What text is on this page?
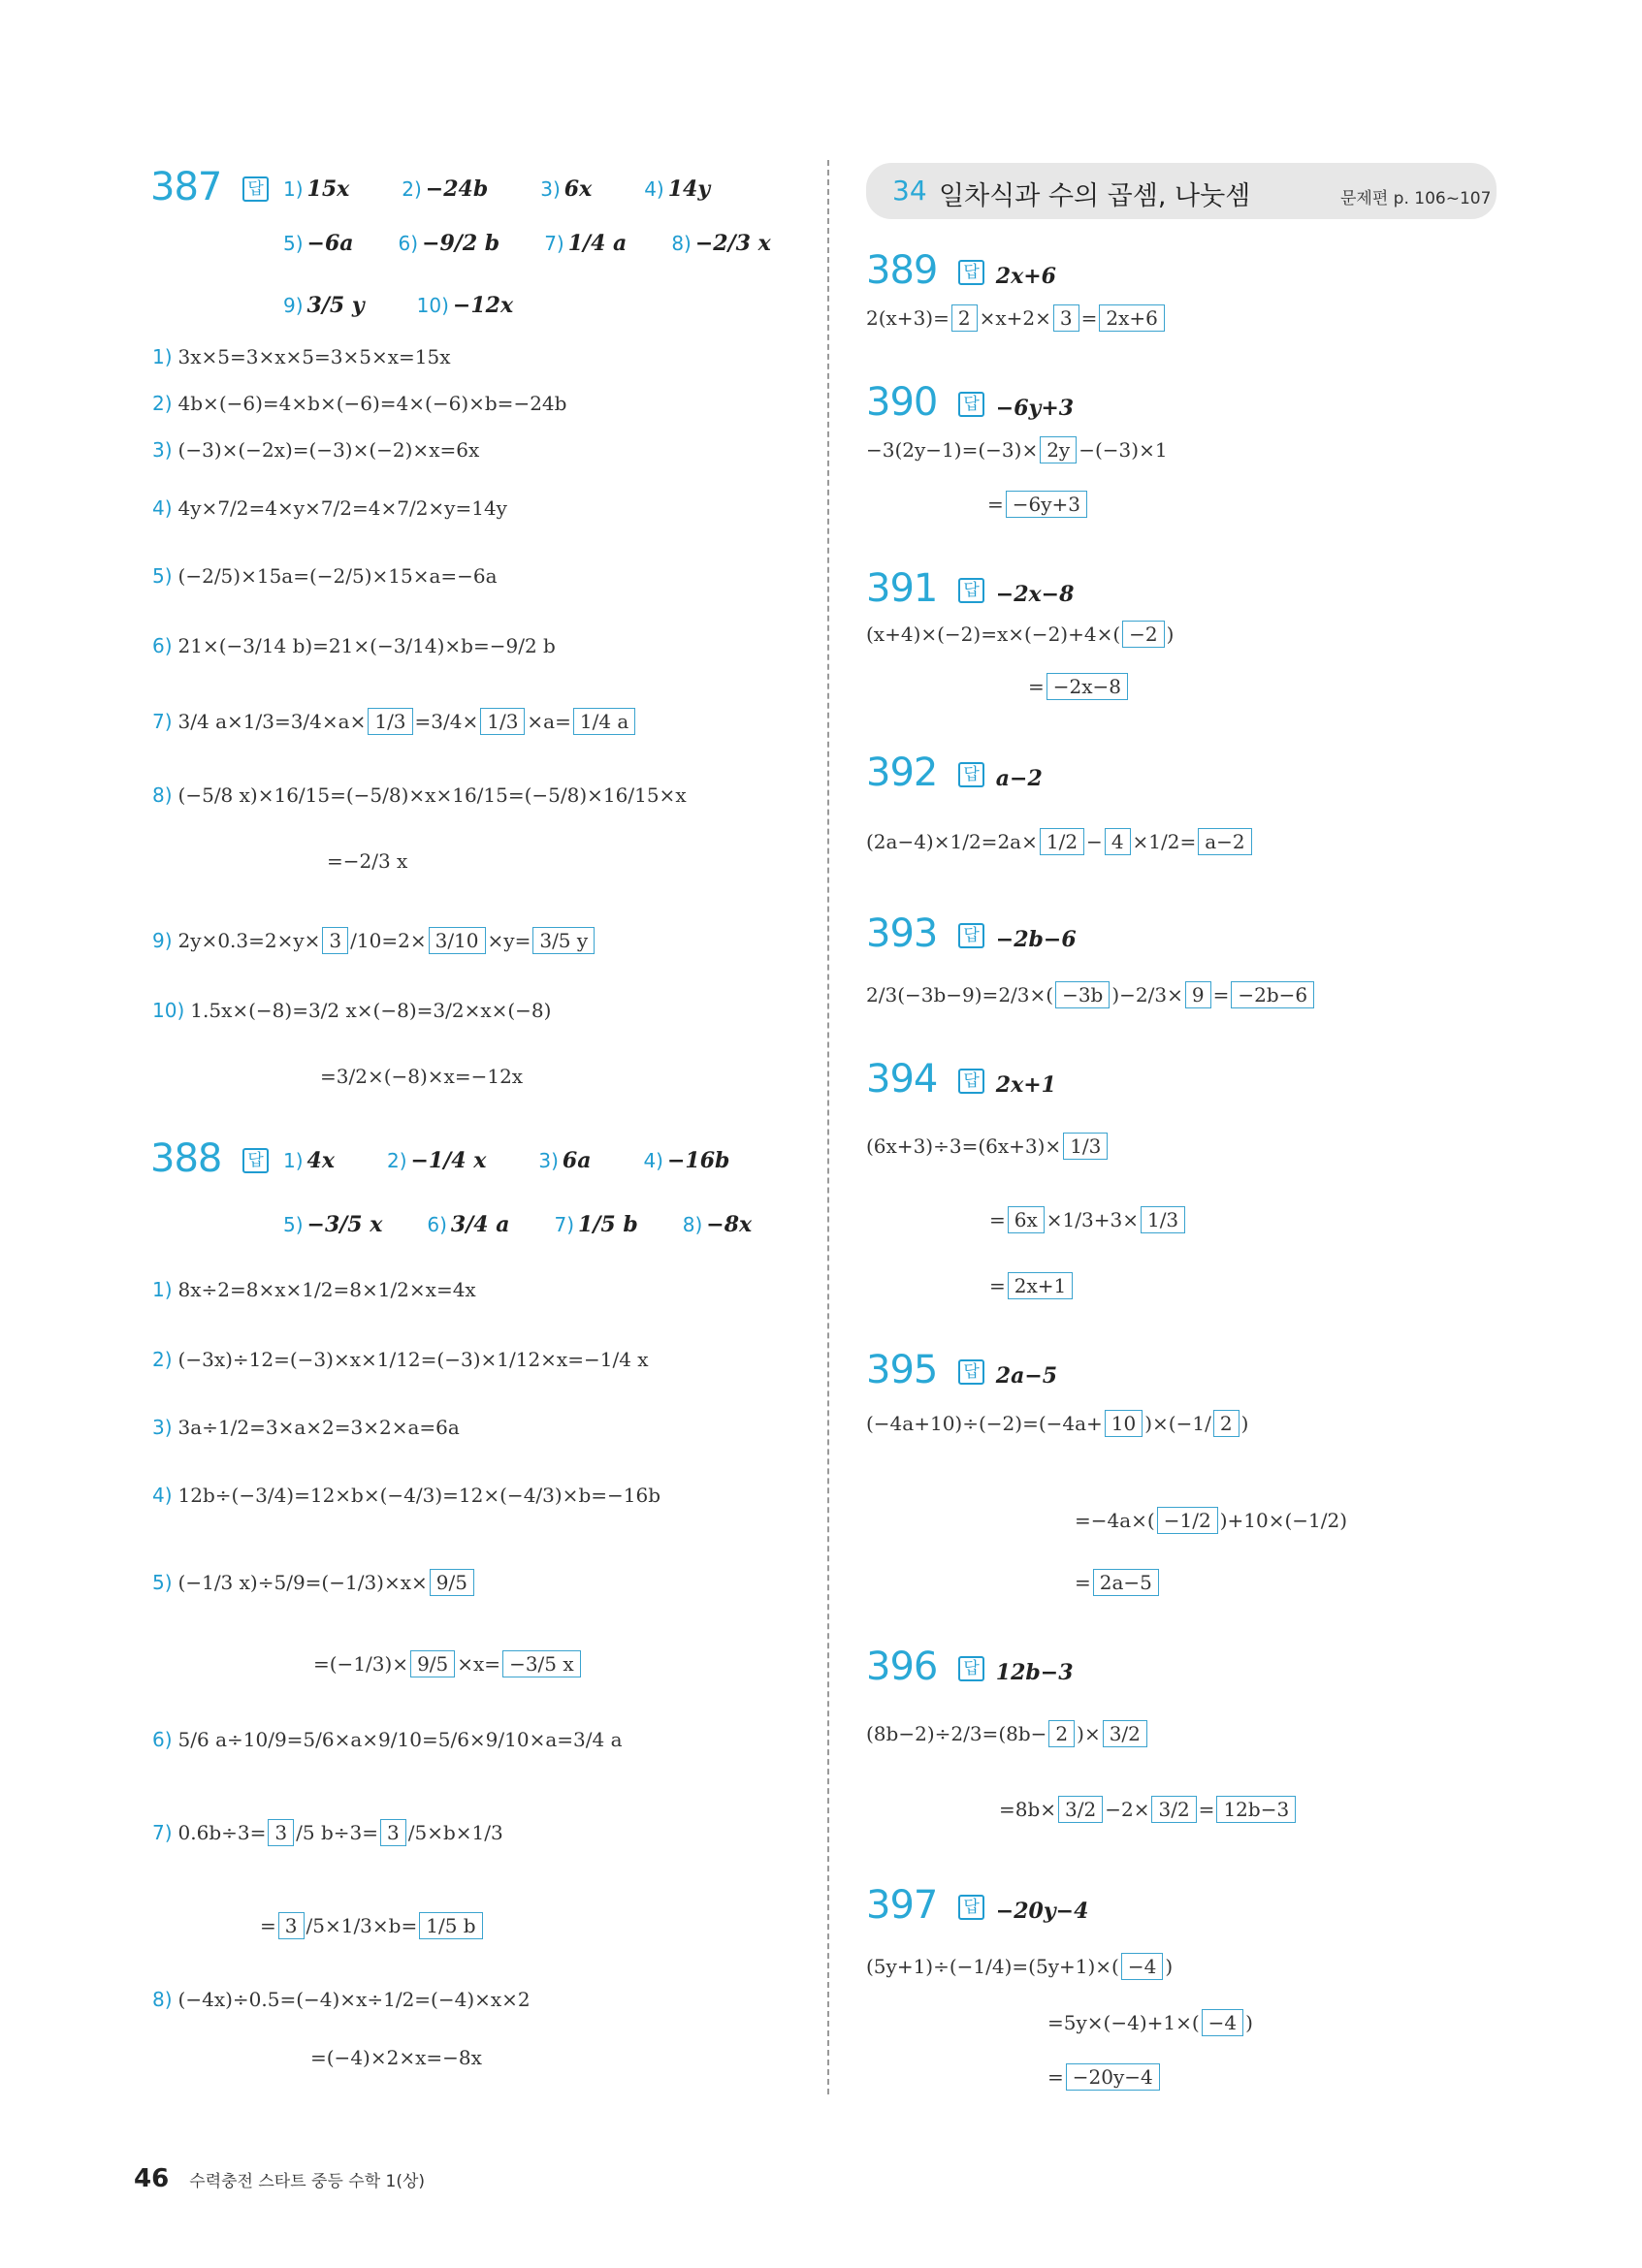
387 답 1) 15x	2) −24b	3) 6x	4) 14y
5) −6a 6) −9/2 b 7) 1/4 a 8) −2/3 x
9) 3/5 y	10) −12x
1) 3x×5=3×x×5=3×5×x=15x
2) 4b×(−6)=4×b×(−6)=4×(−6)×b=−24b
3) (−3)×(−2x)=(−3)×(−2)×x=6x
4) 4y×7/2=4×y×7/2=4×7/2×y=14y
5) (−2/5)×15a=(−2/5)×15×a=−6a
6) 21×(−3/14 b)=21×(−3/14)×b=−9/2 b
7) 3/4 a×1/3=3/4×a× 1/3 =3/4× 1/3 ×a= 1/4 a
8) (−5/8 x)×16/15=(−5/8)×x×16/15=(−5/8)×16/15×x
=−2/3 x
9) 2y×0.3=2×y× 3 /10=2× 3/10 ×y= 3/5 y
10) 1.5x×(−8)=3/2 x×(−8)=3/2×x×(−8)
=3/2×(−8)×x=−12x
388 답 1) 4x	2) −1/4 x	3) 6a	4) −16b
5) −3/5 x 6) 3/4 a 7) 1/5 b 8) −8x
1) 8x÷2=8×x×1/2=8×1/2×x=4x
2) (−3x)÷12=(−3)×x×1/12=(−3)×1/12×x=−1/4 x
3) 3a÷1/2=3×a×2=3×2×a=6a
4) 12b÷(−3/4)=12×b×(−4/3)=12×(−4/3)×b=−16b
5) (−1/3 x)÷5/9=(−1/3)×x× 9/5
=(−1/3)× 9/5 ×x= −3/5 x
6) 5/6 a÷10/9=5/6×a×9/10=5/6×9/10×a=3/4 a
7) 0.6b÷3= 3 /5 b÷3= 3 /5×b×1/3
= 3 /5×1/3×b= 1/5 b
8) (−4x)÷0.5=(−4)×x÷1/2=(−4)×x×2
=(−4)×2×x=−8x
34 일차식과 수의 곱셈, 나눗셈	문제편 p. 106~107
389 답 2x+6
2(x+3)= 2 ×x+2× 3 = 2x+6
390 답 −6y+3
−3(2y−1)=(−3)× 2y −(−3)×1
= −6y+3
391 답 −2x−8
(x+4)×(−2)=x×(−2)+4×( −2 )
= −2x−8
392 답 a−2
(2a−4)×1/2=2a× 1/2 − 4 ×1/2= a−2
393 답 −2b−6
2/3(−3b−9)=2/3×( −3b )−2/3× 9 = −2b−6
394 답 2x+1
(6x+3)÷3=(6x+3)× 1/3
= 6x ×1/3+3× 1/3
= 2x+1
395 답 2a−5
(−4a+10)÷(−2)=(−4a+ 10 )×(−1/ 2 )
=−4a×( −1/2 )+10×(−1/2)
= 2a−5
396 답 12b−3
(8b−2)÷2/3=(8b− 2 )× 3/2
=8b× 3/2 −2× 3/2 = 12b−3
397 답 −20y−4
(5y+1)÷(−1/4)=(5y+1)×( −4 )
=5y×(−4)+1×( −4 )
= −20y−4
46 수력충전 스타트 중등 수학 1(상)
